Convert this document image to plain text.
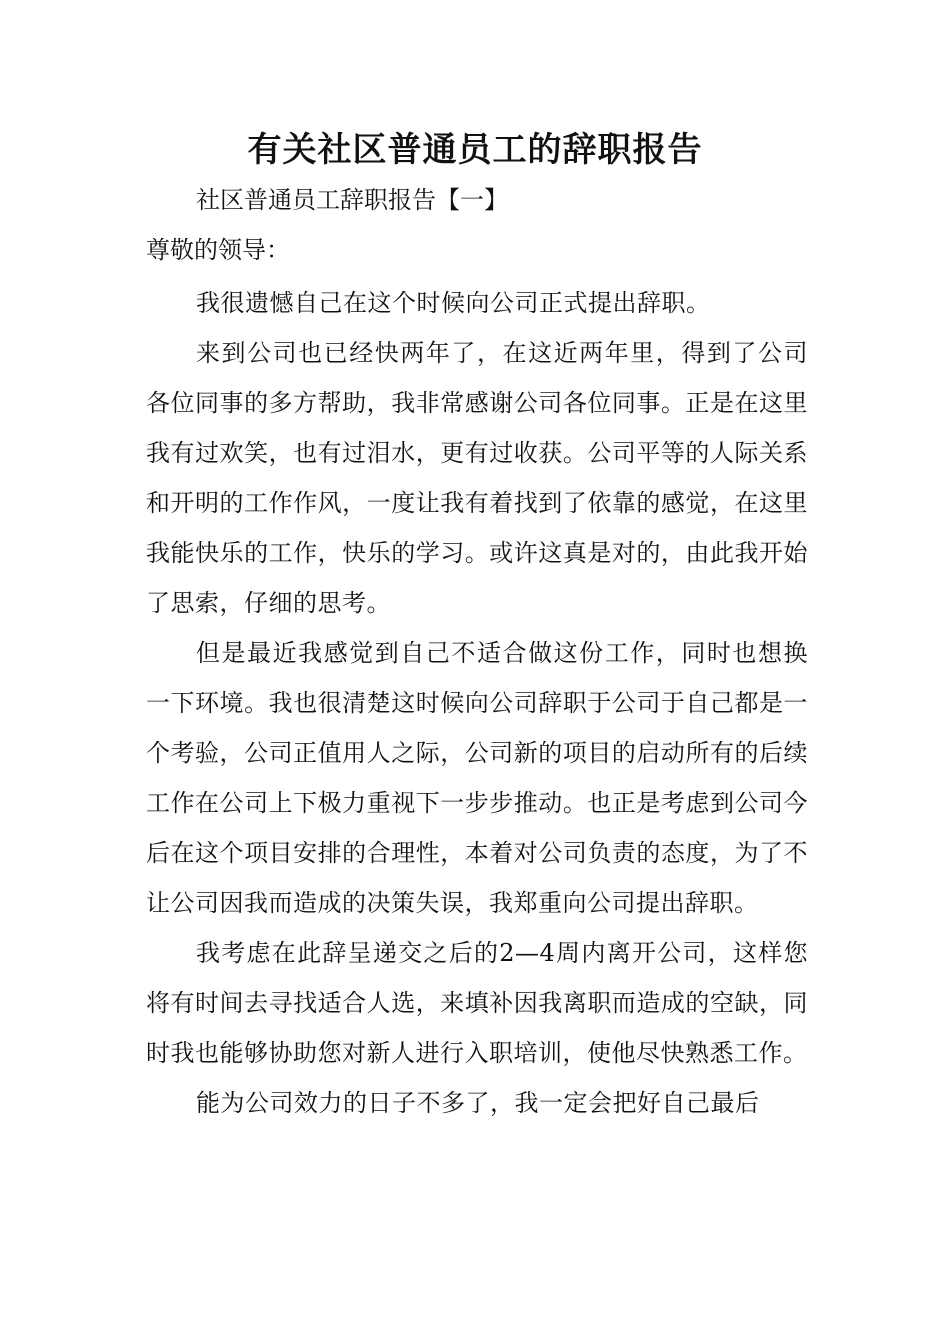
有关社区普通员工的辞职报告
社区普通员工辞职报告【一】
尊敬的领导：

我很遗憾自己在这个时候向公司正式提出辞职。

来到公司也已经快两年了，在这近两年里，得到了公司各位同事的多方帮助，我非常感谢公司各位同事。正是在这里我有过欢笑，也有过泪水，更有过收获。公司平等的人际关系和开明的工作作风，一度让我有着找到了依靠的感觉，在这里我能快乐的工作，快乐的学习。或许这真是对的，由此我开始了思索，仔细的思考。

但是最近我感觉到自己不适合做这份工作，同时也想换一下环境。我也很清楚这时候向公司辞职于公司于自己都是一个考验，公司正值用人之际，公司新的项目的启动所有的后续工作在公司上下极力重视下一步步推动。也正是考虑到公司今后在这个项目安排的合理性，本着对公司负责的态度，为了不让公司因我而造成的决策失误，我郑重向公司提出辞职。

我考虑在此辞呈递交之后的2—4周内离开公司，这样您将有时间去寻找适合人选，来填补因我离职而造成的空缺，同时我也能够协助您对新人进行入职培训，使他尽快熟悉工作。

能为公司效力的日子不多了，我一定会把好自己最后
